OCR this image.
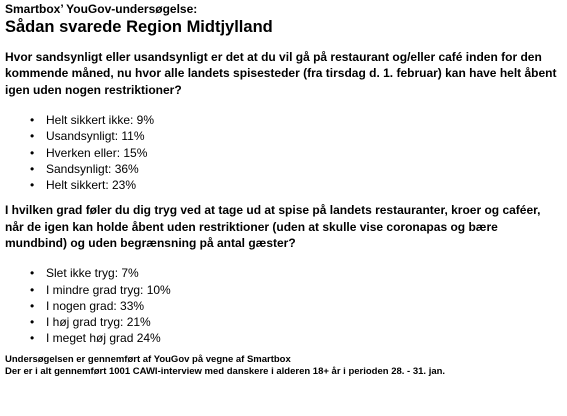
Smartbox’ YouGov-undersøgelse:

Sådan svarede Region Midtjylland

Hvor sandsynligt eller usandsynligt er det at du vil gå på restaurant og/eller café inden for den kommende måned, nu hvor alle landets spisesteder (fra tirsdag d. 1. februar) kan have helt åbent igen uden nogen restriktioner?

• Helt sikkert ikke: 9%
• Usandsynligt: 11%
• Hverken eller: 15%
• Sandsynligt: 36%
• Helt sikkert: 23%

I hvilken grad føler du dig tryg ved at tage ud at spise på landets restauranter, kroer og caféer, når de igen kan holde åbent uden restriktioner (uden at skulle vise coronapas og bære mundbind) og uden begrænsning på antal gæster?

• Slet ikke tryg: 7%
• I mindre grad tryg: 10%
• I nogen grad: 33%
• I høj grad tryg: 21%
• I meget høj grad 24%

Undersøgelsen er gennemført af YouGov på vegne af Smartbox

Der er i alt gennemført 1001 CAWI-interview med danskere i alderen 18+ år i perioden 28. - 31. jan.
